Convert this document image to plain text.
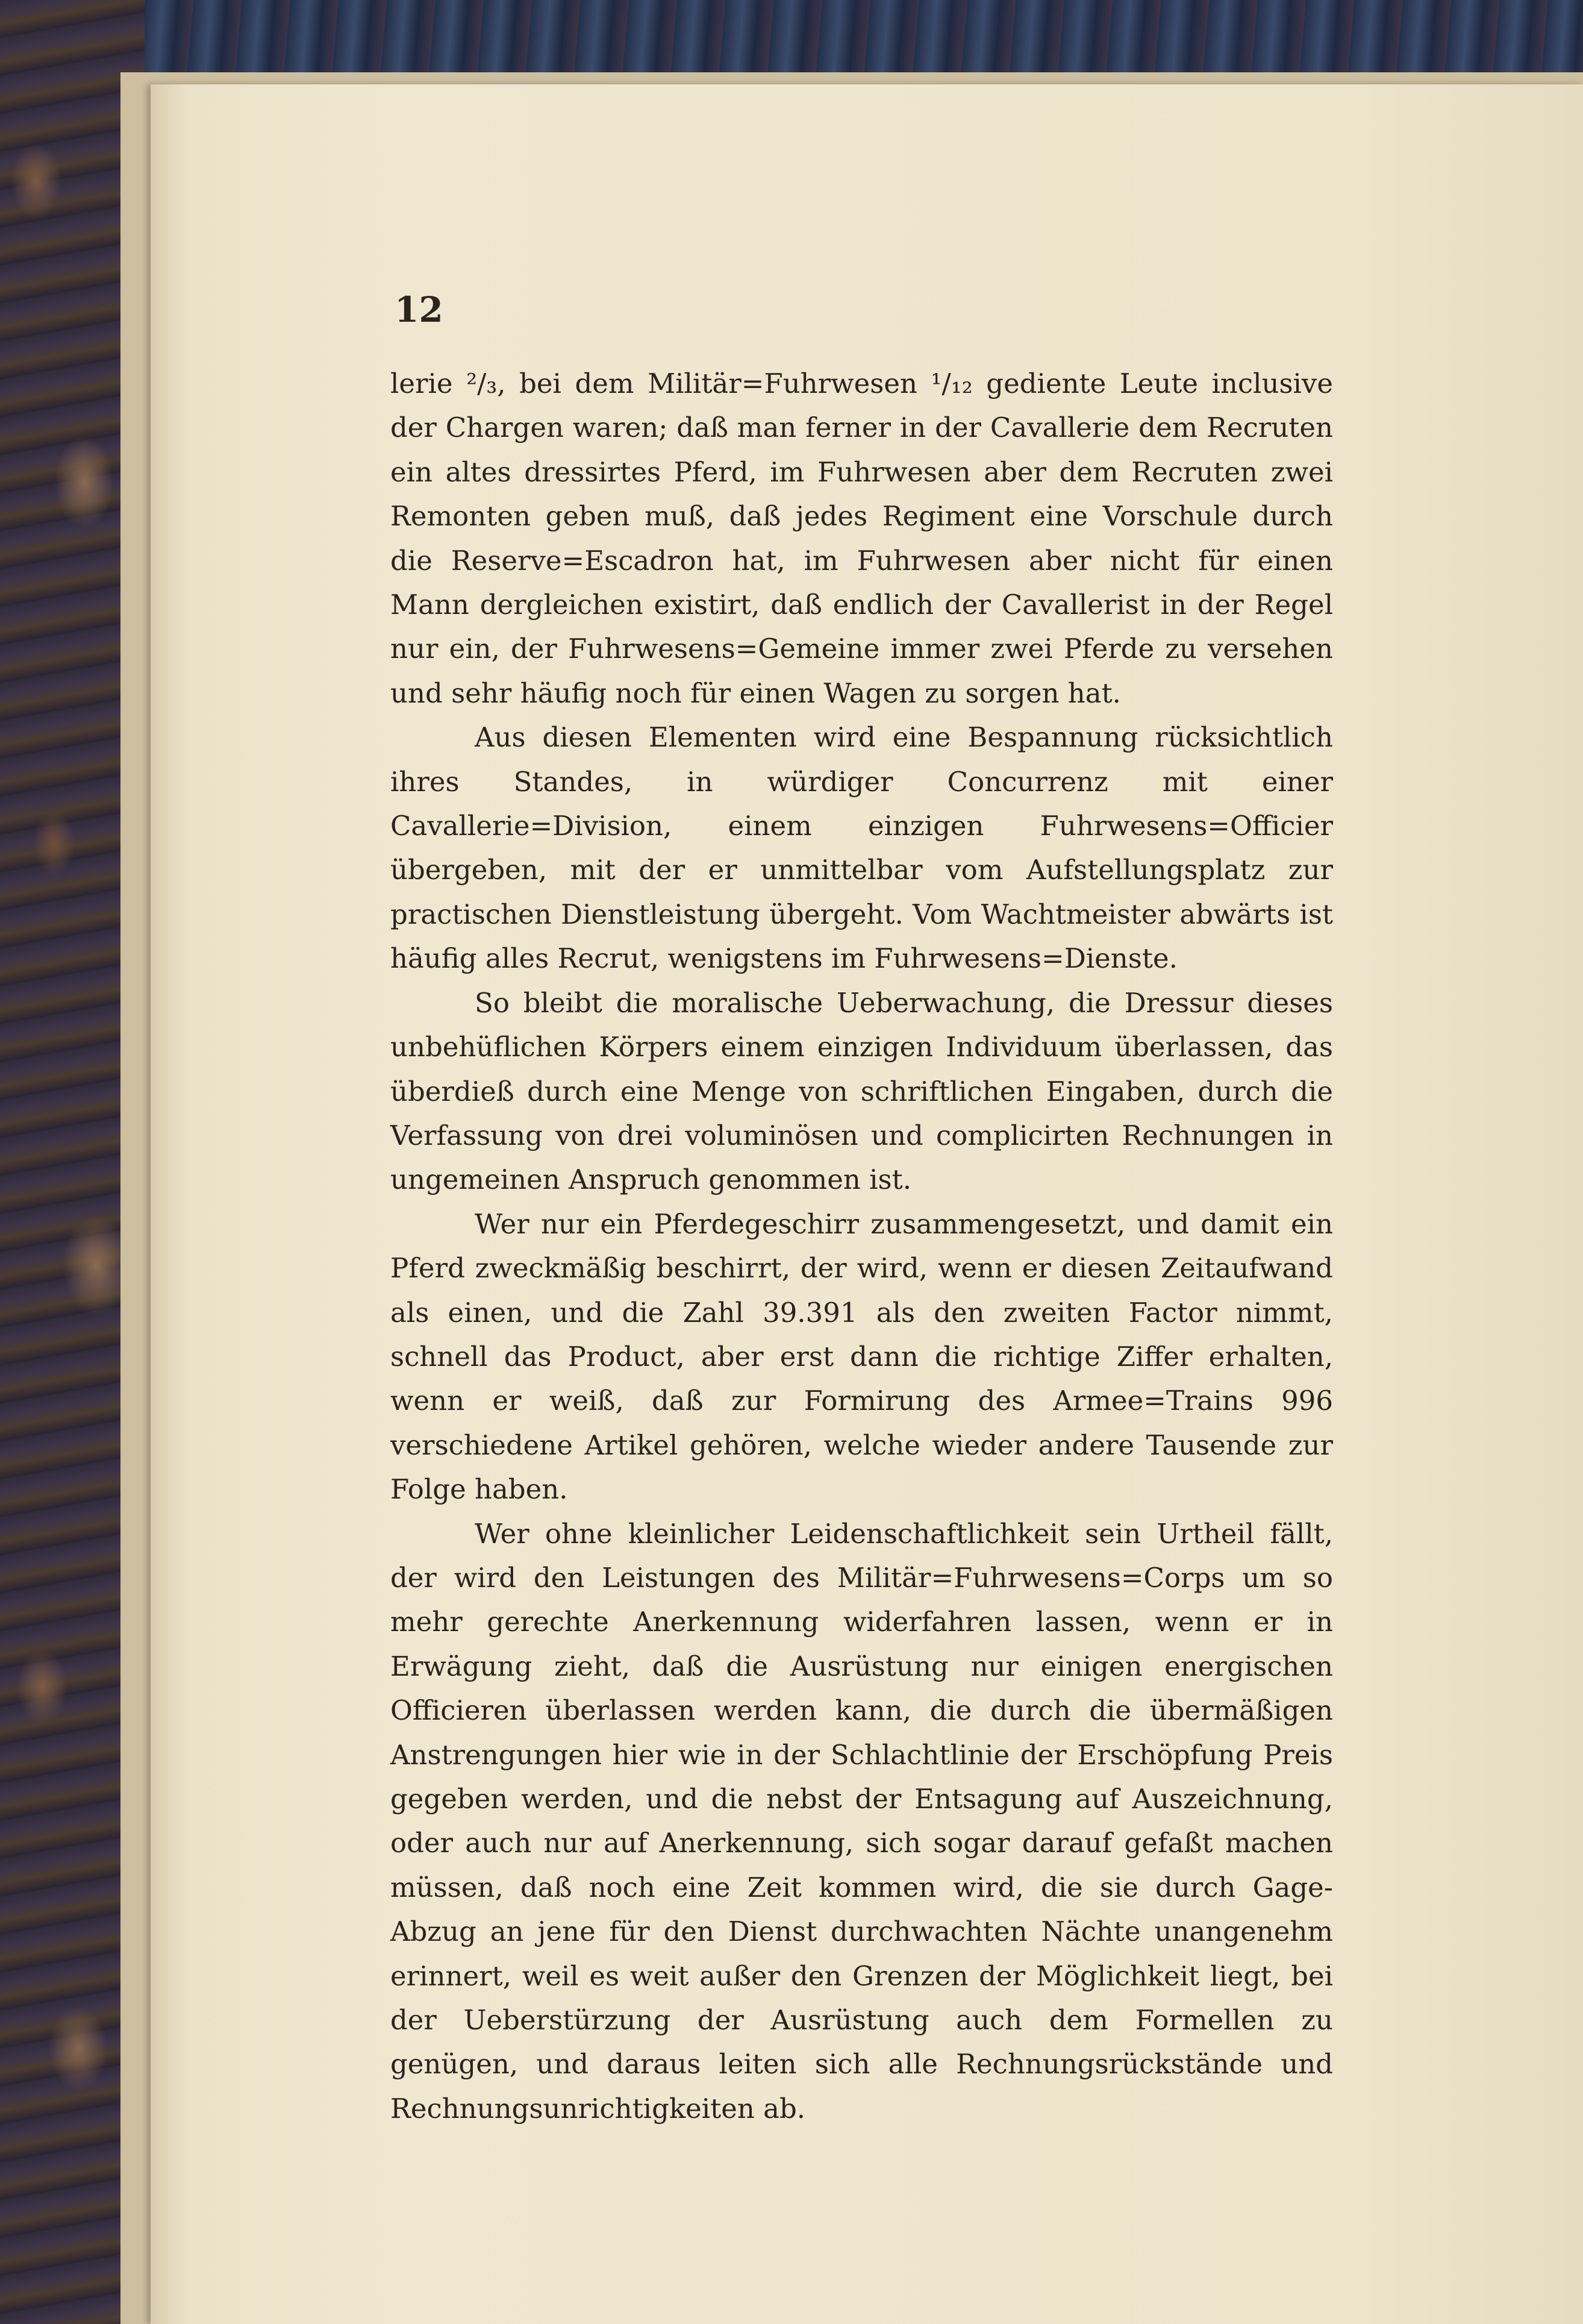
12

lerie ²/₃, bei dem Militär=Fuhrwesen ¹/₁₂ gediente Leute inclusive der Chargen waren; daß man ferner in der Cavallerie dem Recruten ein altes dressirtes Pferd, im Fuhrwesen aber dem Recruten zwei Remonten geben muß, daß jedes Regiment eine Vorschule durch die Reserve=Escadron hat, im Fuhrwesen aber nicht für einen Mann dergleichen existirt, daß endlich der Cavallerist in der Regel nur ein, der Fuhrwesens=Gemeine immer zwei Pferde zu versehen und sehr häufig noch für einen Wagen zu sorgen hat.

Aus diesen Elementen wird eine Bespannung rücksichtlich ihres Standes, in würdiger Concurrenz mit einer Cavallerie=Division, einem einzigen Fuhrwesens=Officier übergeben, mit der er unmittelbar vom Aufstellungsplatz zur practischen Dienstleistung übergeht. Vom Wachtmeister abwärts ist häufig alles Recrut, wenigstens im Fuhrwesens=Dienste.

So bleibt die moralische Ueberwachung, die Dressur dieses unbehüflichen Körpers einem einzigen Individuum überlassen, das überdieß durch eine Menge von schriftlichen Eingaben, durch die Verfassung von drei voluminösen und complicirten Rechnungen in ungemeinen Anspruch genommen ist.

Wer nur ein Pferdegeschirr zusammengesetzt, und damit ein Pferd zweckmäßig beschirrt, der wird, wenn er diesen Zeitaufwand als einen, und die Zahl 39.391 als den zweiten Factor nimmt, schnell das Product, aber erst dann die richtige Ziffer erhalten, wenn er weiß, daß zur Formirung des Armee=Trains 996 verschiedene Artikel gehören, welche wieder andere Tausende zur Folge haben.

Wer ohne kleinlicher Leidenschaftlichkeit sein Urtheil fällt, der wird den Leistungen des Militär=Fuhrwesens=Corps um so mehr gerechte Anerkennung widerfahren lassen, wenn er in Erwägung zieht, daß die Ausrüstung nur einigen energischen Officieren überlassen werden kann, die durch die übermäßigen Anstrengungen hier wie in der Schlachtlinie der Erschöpfung Preis gegeben werden, und die nebst der Entsagung auf Auszeichnung, oder auch nur auf Anerkennung, sich sogar darauf gefaßt machen müssen, daß noch eine Zeit kommen wird, die sie durch Gage-Abzug an jene für den Dienst durchwachten Nächte unangenehm erinnert, weil es weit außer den Grenzen der Möglichkeit liegt, bei der Ueberstürzung der Ausrüstung auch dem Formellen zu genügen, und daraus leiten sich alle Rechnungsrückstände und Rechnungsunrichtigkeiten ab.
